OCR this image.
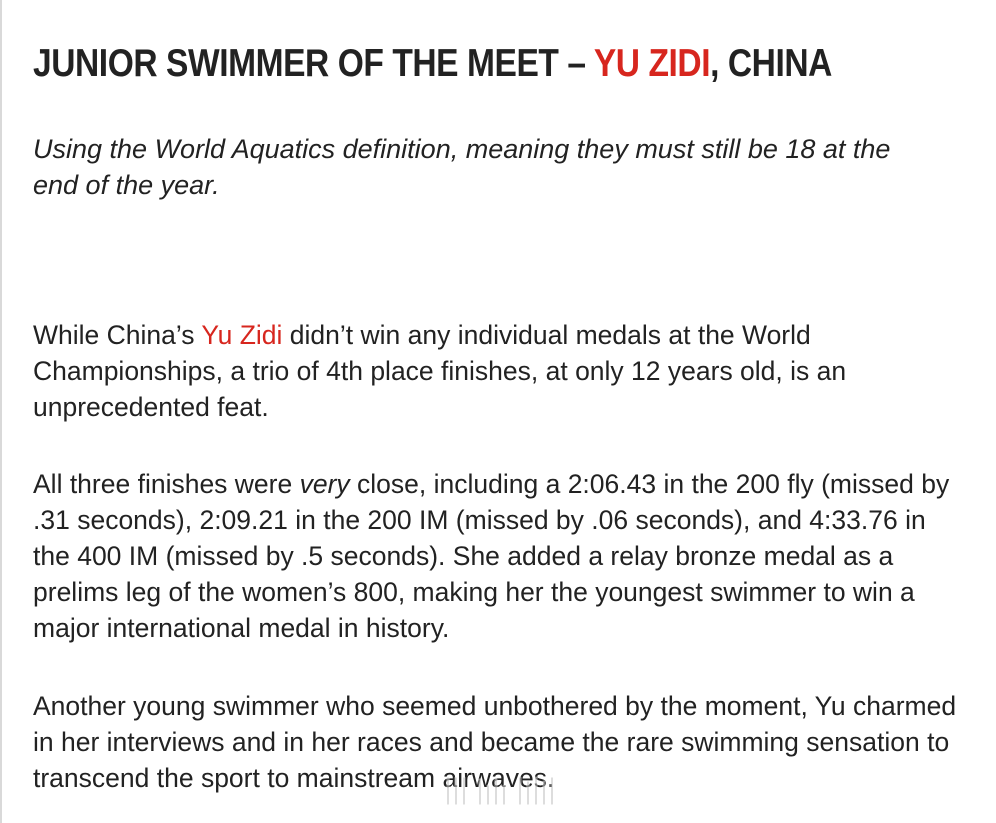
JUNIOR SWIMMER OF THE MEET – YU ZIDI, CHINA

Using the World Aquatics definition, meaning they must still be 18 at the end of the year.

While China’s Yu Zidi didn’t win any individual medals at the World Championships, a trio of 4th place finishes, at only 12 years old, is an unprecedented feat.

All three finishes were very close, including a 2:06.43 in the 200 fly (missed by .31 seconds), 2:09.21 in the 200 IM (missed by .06 seconds), and 4:33.76 in the 400 IM (missed by .5 seconds). She added a relay bronze medal as a prelims leg of the women’s 800, making her the youngest swimmer to win a major international medal in history.

Another young swimmer who seemed unbothered by the moment, Yu charmed in her interviews and in her races and became the rare swimming sensation to transcend the sport to mainstream airwaves.
